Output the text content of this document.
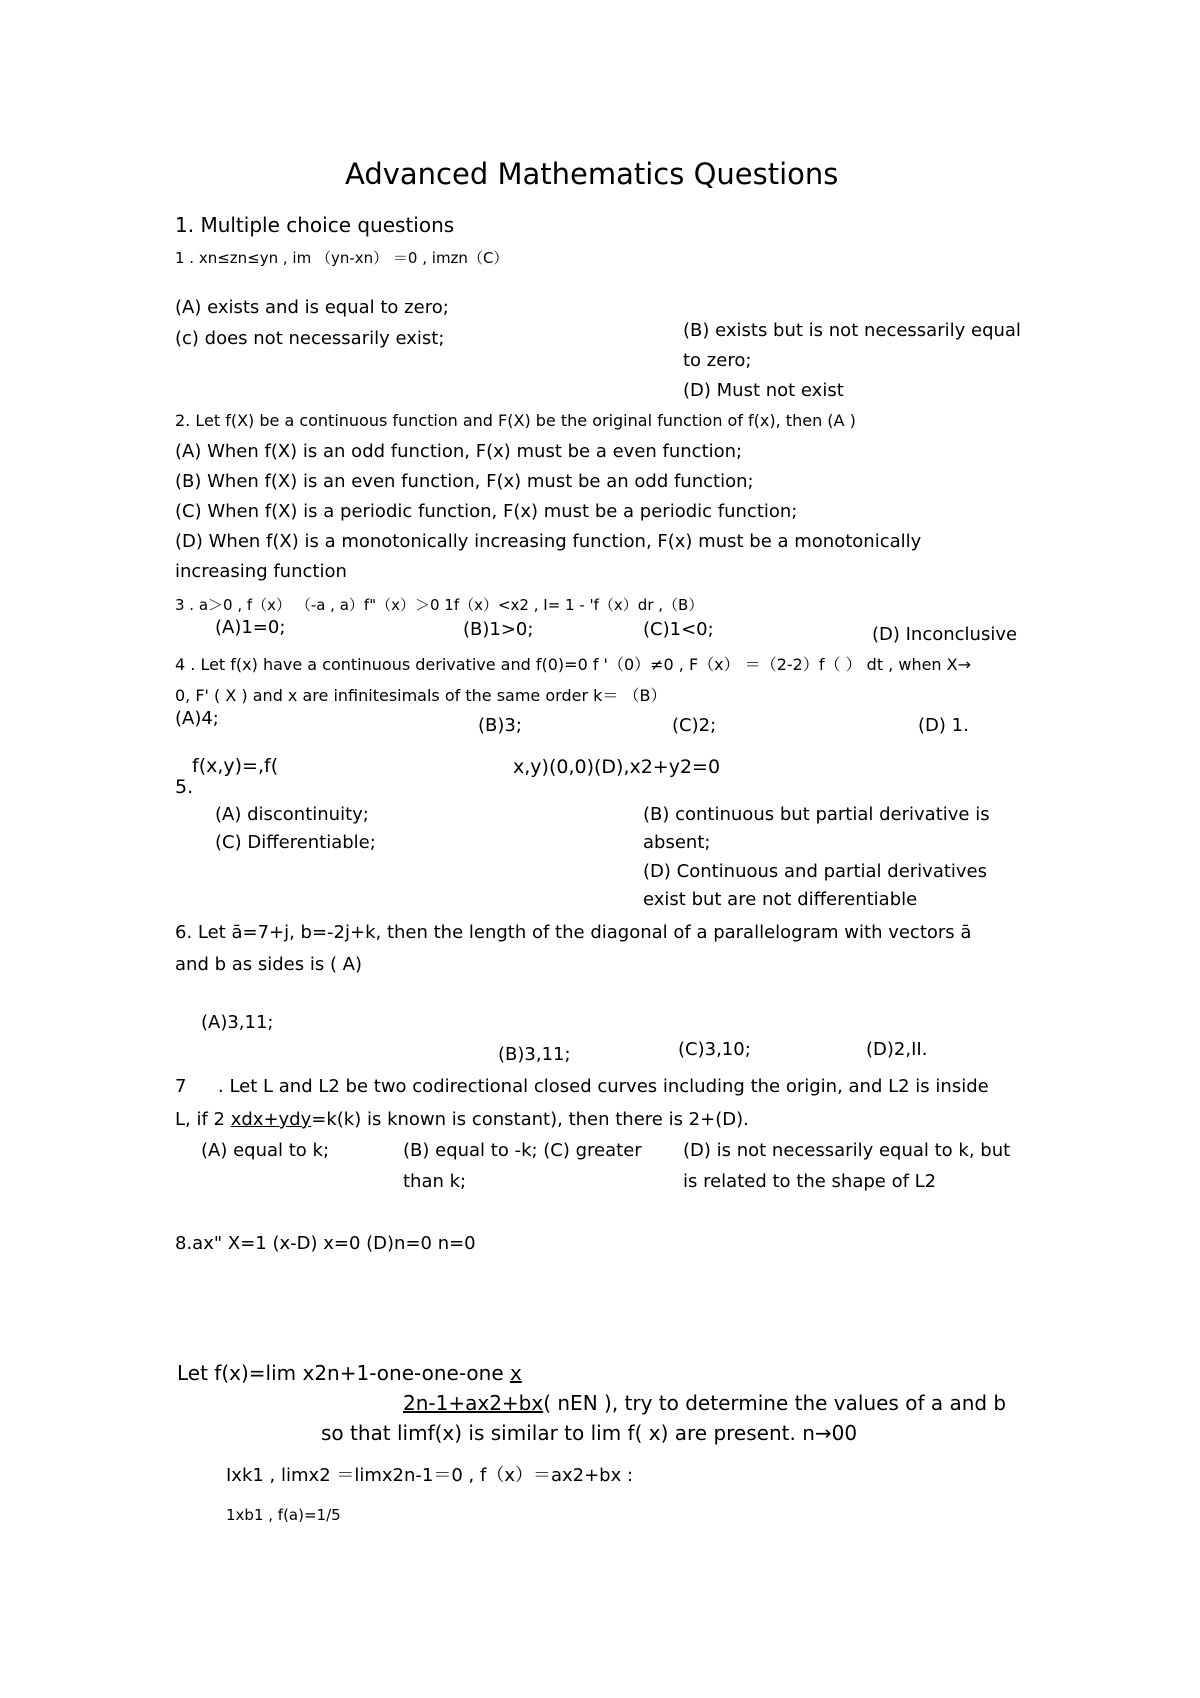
Advanced Mathematics Questions
1. Multiple choice questions
1 . xn≤zn≤yn , im （yn-xn） ＝0 , imzn（C）
(A) exists and is equal to zero;
(c) does not necessarily exist;	(B) exists but is not necessarily equal
to zero;
(D) Must not exist
2. Let f(X) be a continuous function and F(X) be the original function of f(x), then (A )
(A) When f(X) is an odd function, F(x) must be a even function;
(B) When f(X) is an even function, F(x) must be an odd function;
(C) When f(X) is a periodic function, F(x) must be a periodic function;
(D) When f(X) is a monotonically increasing function, F(x) must be a monotonically
increasing function
3 . a＞0 , f（x） （-a , a）f"（x）＞0 1f（x）<x2 , I= 1 - 'f（x）dr ,（B）
(A)1=0;	(B)1>0;	(C)1<0;	(D) Inconclusive
4 . Let f(x) have a continuous derivative and f(0)=0 f '（0）≠0 , F（x） ＝（2-2）f（ ） dt , when X→
0, F' ( X ) and x are infinitesimals of the same order k＝ （B）
(A)4;	(B)3;	(C)2;	(D) 1.
f(x,y)=,f(	x,y)(0,0)(D),x2+y2=0
5.
(A) discontinuity;
(C) Differentiable;
(B) continuous but partial derivative is
absent;
(D) Continuous and partial derivatives
exist but are not differentiable
6. Let ā=7+j, b=-2j+k, then the length of the diagonal of a parallelogram with vectors ā
and b as sides is ( A)
(A)3,11;
(B)3,11;	(C)3,10;	(D)2,II.
7 . Let L and L2 be two codirectional closed curves including the origin, and L2 is inside
L, if 2 xdx+ydy=k(k) is known is constant), then there is 2+(D).
(A) equal to k;	(B) equal to -k; (C) greater
than k;
(D) is not necessarily equal to k, but
is related to the shape of L2
8.ax" X=1 (x-D) x=0 (D)n=0 n=0
Let f(x)=lim x2n+1-one-one-one x
2n-1+ax2+bx( nEN ), try to determine the values of a and b
so that limf(x) is similar to lim f( x) are present. n→00
Ixk1 , limx2 ＝limx2n-1＝0 , f（x）＝ax2+bx :
1xb1 , f(a)=1/5
